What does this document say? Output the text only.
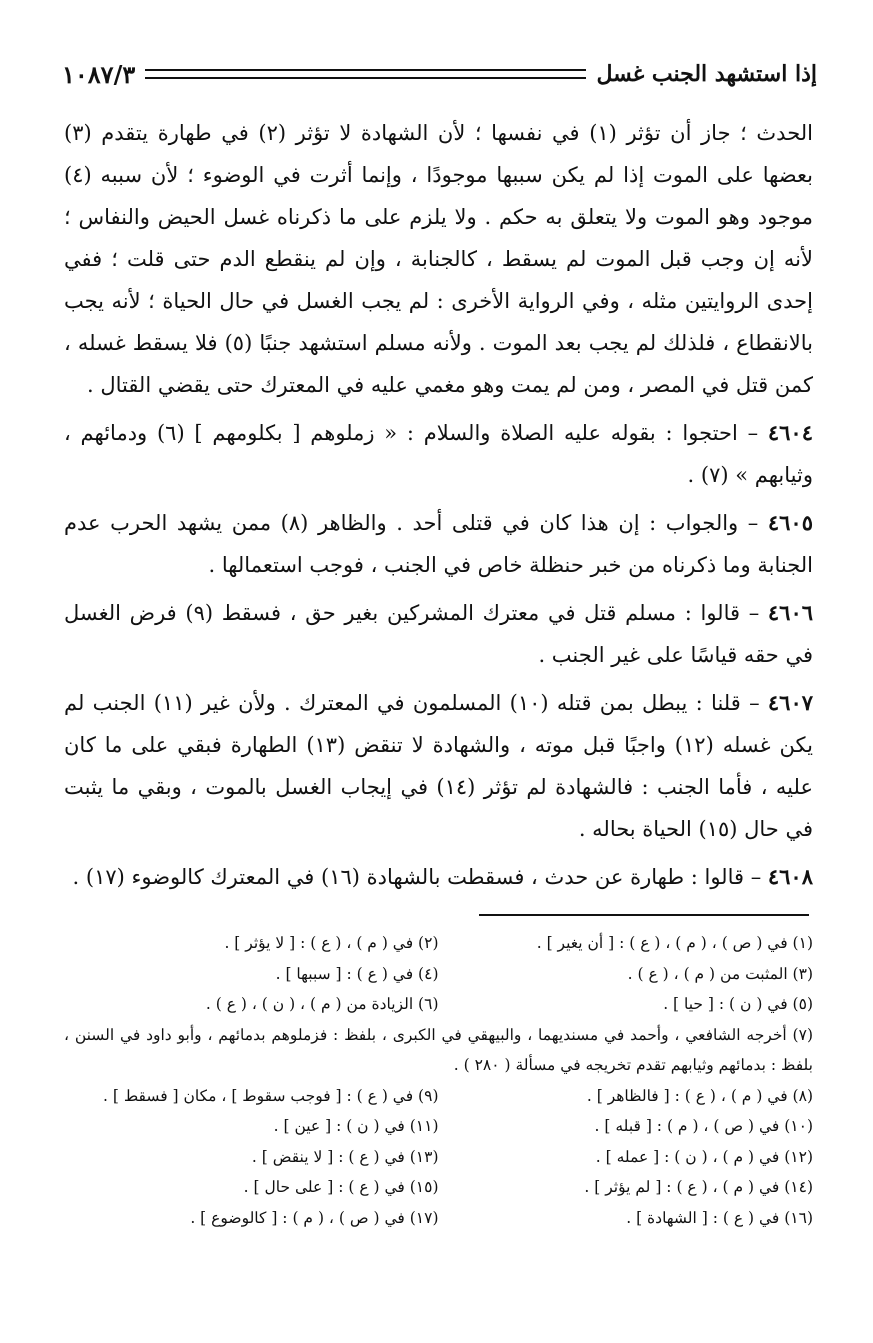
إذا استشهد الجنب غسل
١٠٨٧/٣

الحدث ؛ جاز أن تؤثر (١) في نفسها ؛ لأن الشهادة لا تؤثر (٢) في طهارة يتقدم (٣) بعضها على الموت إذا لم يكن سببها موجودًا ، وإنما أثرت في الوضوء ؛ لأن سببه (٤) موجود وهو الموت ولا يتعلق به حكم . ولا يلزم على ما ذكرناه غسل الحيض والنفاس ؛ لأنه إن وجب قبل الموت لم يسقط ، كالجنابة ، وإن لم ينقطع الدم حتى قلت ؛ ففي إحدى الروايتين مثله ، وفي الرواية الأخرى : لم يجب الغسل في حال الحياة ؛ لأنه يجب بالانقطاع ، فلذلك لم يجب بعد الموت . ولأنه مسلم استشهد جنبًا (٥) فلا يسقط غسله ، كمن قتل في المصر ، ومن لم يمت وهو مغمي عليه في المعترك حتى يقضي القتال .

٤٦٠٤ – احتجوا : بقوله عليه الصلاة والسلام : « زملوهم [ بكلومهم ] (٦) ودمائهم ، وثيابهم » (٧) .

٤٦٠٥ – والجواب : إن هذا كان في قتلى أحد . والظاهر (٨) ممن يشهد الحرب عدم الجنابة وما ذكرناه من خبر حنظلة خاص في الجنب ، فوجب استعمالها .

٤٦٠٦ – قالوا : مسلم قتل في معترك المشركين بغير حق ، فسقط (٩) فرض الغسل في حقه قياسًا على غير الجنب .

٤٦٠٧ – قلنا : يبطل بمن قتله (١٠) المسلمون في المعترك . ولأن غير (١١) الجنب لم يكن غسله (١٢) واجبًا قبل موته ، والشهادة لا تنقض (١٣) الطهارة فبقي على ما كان عليه ، فأما الجنب : فالشهادة لم تؤثر (١٤) في إيجاب الغسل بالموت ، وبقي ما يثبت في حال (١٥) الحياة بحاله .

٤٦٠٨ – قالوا : طهارة عن حدث ، فسقطت بالشهادة (١٦) في المعترك كالوضوء (١٧) .

(١) في ( ص ) ، ( م ) ، ( ع ) : [ أن يغير ] .
(٢) في ( م ) ، ( ع ) : [ لا يؤثر ] .
(٣) المثبت من ( م ) ، ( ع ) .
(٤) في ( ع ) : [ سببها ] .
(٥) في ( ن ) : [ حيا ] .
(٦) الزيادة من ( م ) ، ( ن ) ، ( ع ) .
(٧) أخرجه الشافعي ، وأحمد في مسنديهما ، والبيهقي في الكبرى ، بلفظ : فزملوهم بدمائهم ، وأبو داود في السنن ، بلفظ : بدمائهم وثيابهم تقدم تخريجه في مسألة ( ٢٨٠ ) .
(٨) في ( م ) ، ( ع ) : [ فالظاهر ] .
(٩) في ( ع ) : [ فوجب سقوط ] ، مكان [ فسقط ] .
(١٠) في ( ص ) ، ( م ) : [ قبله ] .
(١١) في ( ن ) : [ عين ] .
(١٢) في ( م ) ، ( ن ) : [ عمله ] .
(١٣) في ( ع ) : [ لا ينقض ] .
(١٤) في ( م ) ، ( ع ) : [ لم يؤثر ] .
(١٥) في ( ع ) : [ على حال ] .
(١٦) في ( ع ) : [ الشهادة ] .
(١٧) في ( ص ) ، ( م ) : [ كالوضوع ] .
